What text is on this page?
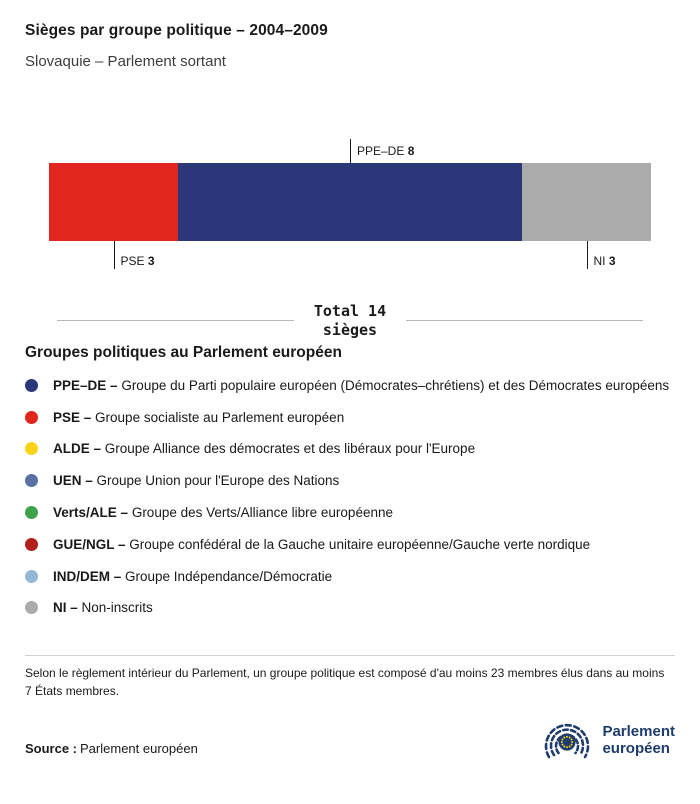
Sièges par groupe politique – 2004–2009
Slovaquie – Parlement sortant
PSE 3
PPE–DE 8
NI 3
Total 14
sièges
Groupes politiques au Parlement européen
PPE–DE – Groupe du Parti populaire européen (Démocrates–chrétiens) et des Démocrates européens
PSE – Groupe socialiste au Parlement européen
ALDE – Groupe Alliance des démocrates et des libéraux pour l'Europe
UEN – Groupe Union pour l'Europe des Nations
Verts/ALE – Groupe des Verts/Alliance libre européenne
GUE/NGL – Groupe confédéral de la Gauche unitaire européenne/Gauche verte nordique
IND/DEM – Groupe Indépendance/Démocratie
NI – Non-inscrits

Selon le règlement intérieur du Parlement, un groupe politique est composé d'au moins 23 membres élus dans au moins 7 États membres.

Source : Parlement européen
Parlement
européen
